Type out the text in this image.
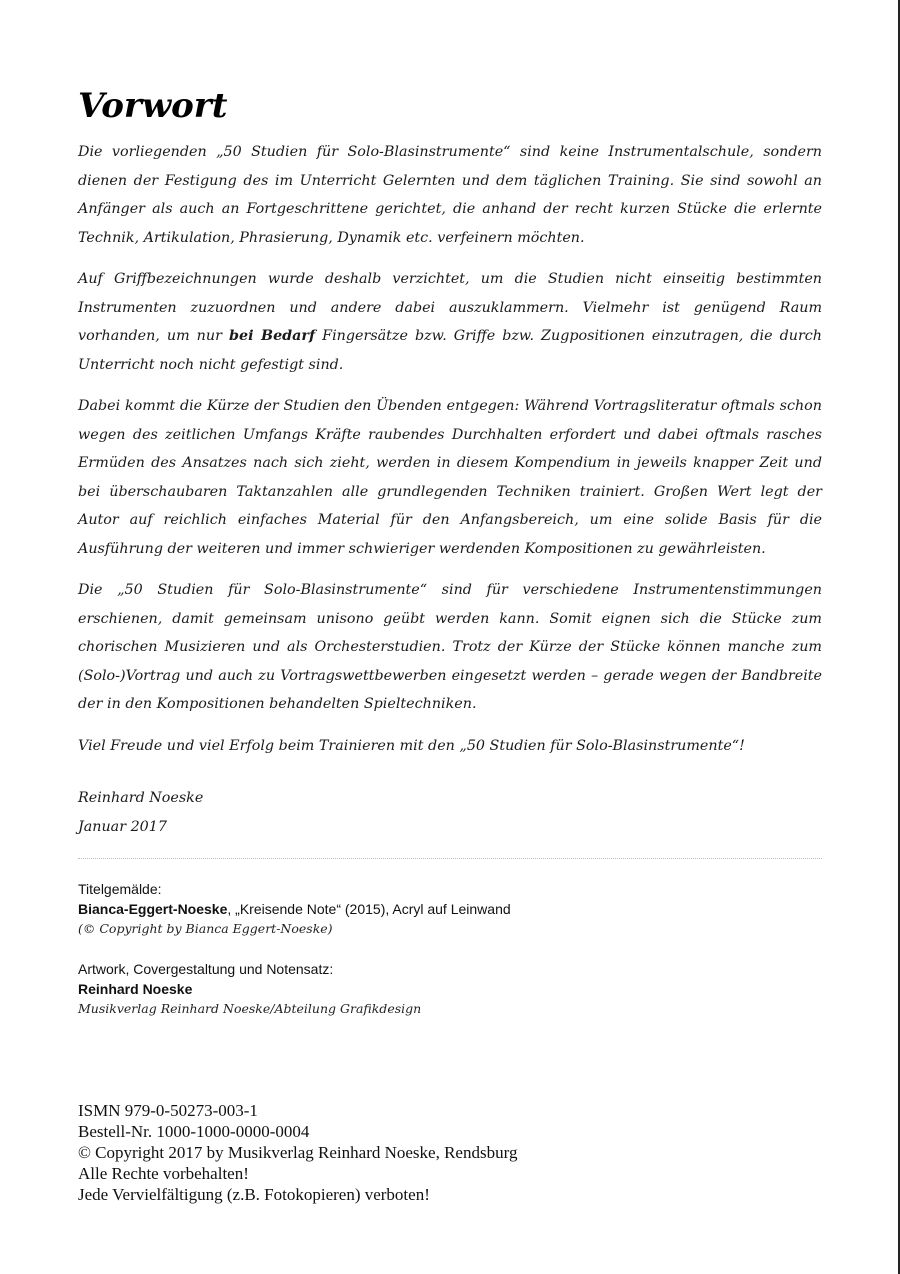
Vorwort

Die vorliegenden „50 Studien für Solo-Blasinstrumente“ sind keine Instrumentalschule, sondern dienen der Festigung des im Unterricht Gelernten und dem täglichen Training. Sie sind sowohl an Anfänger als auch an Fortgeschrittene gerichtet, die anhand der recht kurzen Stücke die erlernte Technik, Artikulation, Phrasierung, Dynamik etc. verfeinern möchten.

Auf Griffbezeichnungen wurde deshalb verzichtet, um die Studien nicht einseitig bestimmten Instrumenten zuzuordnen und andere dabei auszuklammern. Vielmehr ist genügend Raum vorhanden, um nur bei Bedarf Fingersätze bzw. Griffe bzw. Zugpositionen einzutragen, die durch Unterricht noch nicht gefestigt sind.

Dabei kommt die Kürze der Studien den Übenden entgegen: Während Vortragsliteratur oftmals schon wegen des zeitlichen Umfangs Kräfte raubendes Durchhalten erfordert und dabei oftmals rasches Ermüden des Ansatzes nach sich zieht, werden in diesem Kompendium in jeweils knapper Zeit und bei überschaubaren Taktanzahlen alle grundlegenden Techniken trainiert. Großen Wert legt der Autor auf reichlich einfaches Material für den Anfangsbereich, um eine solide Basis für die Ausführung der weiteren und immer schwieriger werdenden Kompositionen zu gewährleisten.

Die „50 Studien für Solo-Blasinstrumente“ sind für verschiedene Instrumentenstimmungen erschienen, damit gemeinsam unisono geübt werden kann. Somit eignen sich die Stücke zum chorischen Musizieren und als Orchesterstudien. Trotz der Kürze der Stücke können manche zum (Solo-)Vortrag und auch zu Vortragswettbewerben eingesetzt werden – gerade wegen der Bandbreite der in den Kompositionen behandelten Spieltechniken.

Viel Freude und viel Erfolg beim Trainieren mit den „50 Studien für Solo-Blasinstrumente“!

Reinhard Noeske
Januar 2017
Titelgemälde:
Bianca-Eggert-Noeske, „Kreisende Note“ (2015), Acryl auf Leinwand
(© Copyright by Bianca Eggert-Noeske)
Artwork, Covergestaltung und Notensatz:
Reinhard Noeske
Musikverlag Reinhard Noeske/Abteilung Grafikdesign
ISMN 979-0-50273-003-1
Bestell-Nr. 1000-1000-0000-0004
© Copyright 2017 by Musikverlag Reinhard Noeske, Rendsburg
Alle Rechte vorbehalten!
Jede Vervielfältigung (z.B. Fotokopieren) verboten!
